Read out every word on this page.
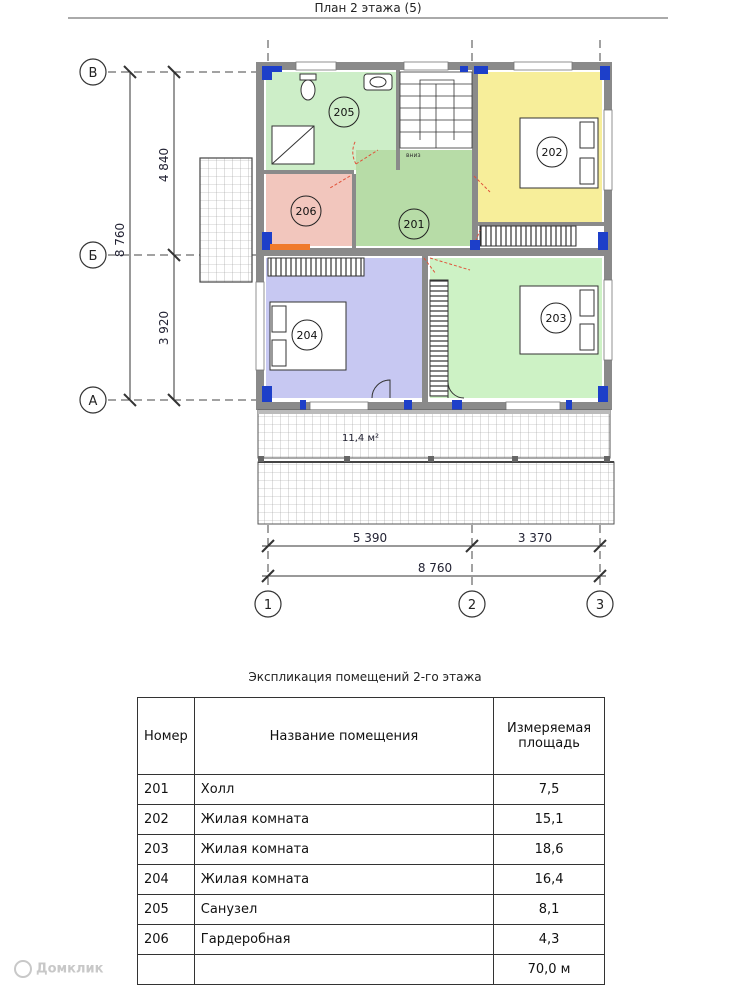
План 2 этажа (5)
8 760
4 840
3 920
В
Б
А
вниз
205
206
201
202
204
203
11,4 м²
5 390	3 370
8 760
1	2	3
Экспликация помещений 2-го этажа
Номер	Название помещения	Измеряемая
площадь
201	Холл	7,5
202	Жилая комната	15,1
203	Жилая комната	18,6
204	Жилая комната	16,4
205	Санузел	8,1
206	Гардеробная	4,3
		70,0 м
Домклик
